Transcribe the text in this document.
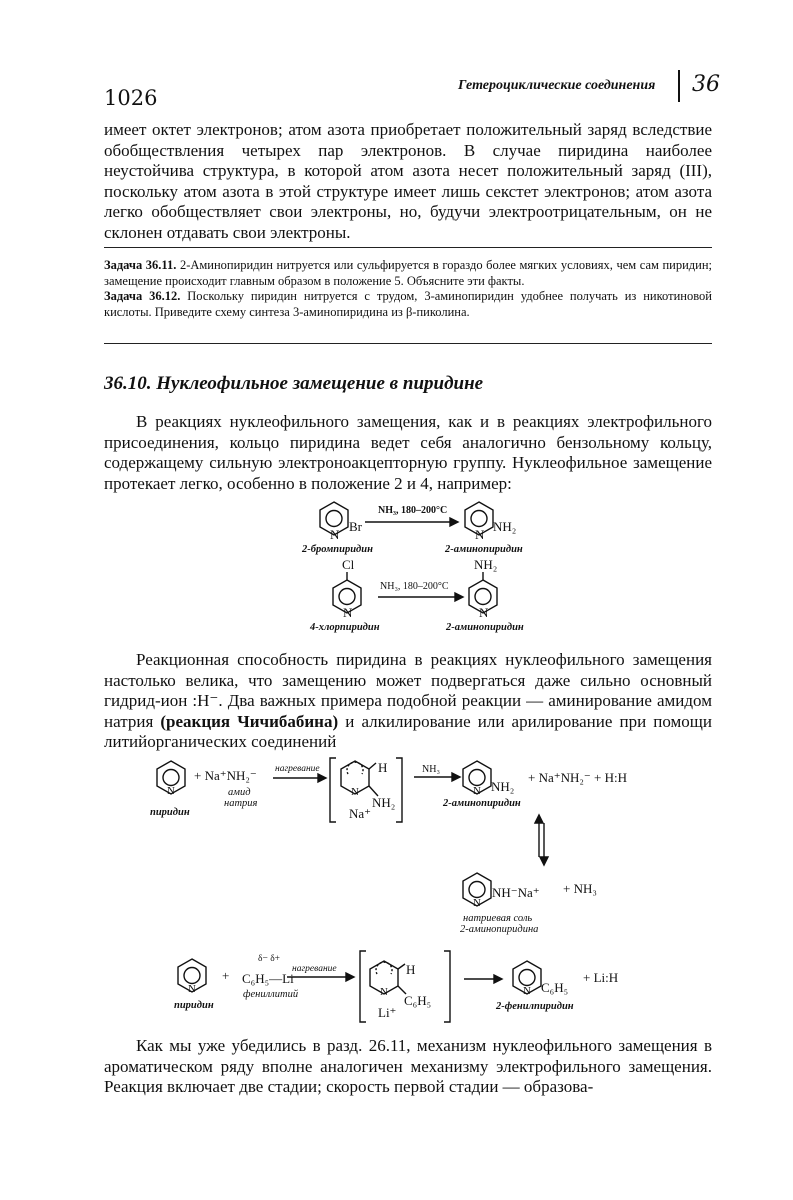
1026
Гетероциклические соединения 36

имеет октет электронов; атом азота приобретает положительный заряд вследствие обобществления четырех пар электронов. В случае пиридина наиболее неустойчива структура, в которой атом азота несет положительный заряд (III), поскольку атом азота в этой структуре имеет лишь секстет электронов; атом азота легко обобществляет свои электроны, но, будучи электроотрицательным, он не склонен отдавать свои электроны.

Задача 36.11. 2-Аминопиридин нитруется или сульфируется в гораздо более мягких условиях, чем сам пиридин; замещение происходит главным образом в положение 5. Объясните эти факты.

Задача 36.12. Поскольку пиридин нитруется с трудом, 3-аминопиридин удобнее получать из никотиновой кислоты. Приведите схему синтеза 3-аминопиридина из β-пиколина.

36.10. Нуклеофильное замещение в пиридине

В реакциях нуклеофильного замещения, как и в реакциях электрофильного присоединения, кольцо пиридина ведет себя аналогично бензольному кольцу, содержащему сильную электроноакцепторную группу. Нуклеофильное замещение протекает легко, особенно в положение 2 и 4, например:

N
Br
NH₃, 180–200°C
N
NH₂
2-бромпиридин	2-аминопиридин
Cl
N
NH₃, 180–200°C
NH₂
N
4-хлорпиридин	2-аминопиридин

Реакционная способность пиридина в реакциях нуклеофильного замещения настолько велика, что замещению может подвергаться даже сильно основный гидрид-ион :H⁻. Два важных примера подобной реакции — аминирование амидом натрия (реакция Чичибабина) и алкилирование или арилирование при помощи литийорганических соединений

+ Na⁺NH₂⁻ нагревание
N	амид
натрия
пиридин
H
N
NH₂
Na⁺
NH₃
N NH₂
+ Na⁺NH₂⁻ + H:H
2-аминопиридин
N
NH⁻Na⁺ + NH₃
натриевая соль
2-аминопиридина
N
пиридин
+
δ− δ+
C₆H₅—Li
фениллитий
нагревание	H
N
C₆H₅
Li⁺
N C₆H₅
+ Li:H
2-фенилпиридин

Как мы уже убедились в разд. 26.11, механизм нуклеофильного замещения в ароматическом ряду вполне аналогичен механизму электрофильного замещения. Реакция включает две стадии; скорость первой стадии — образова-
